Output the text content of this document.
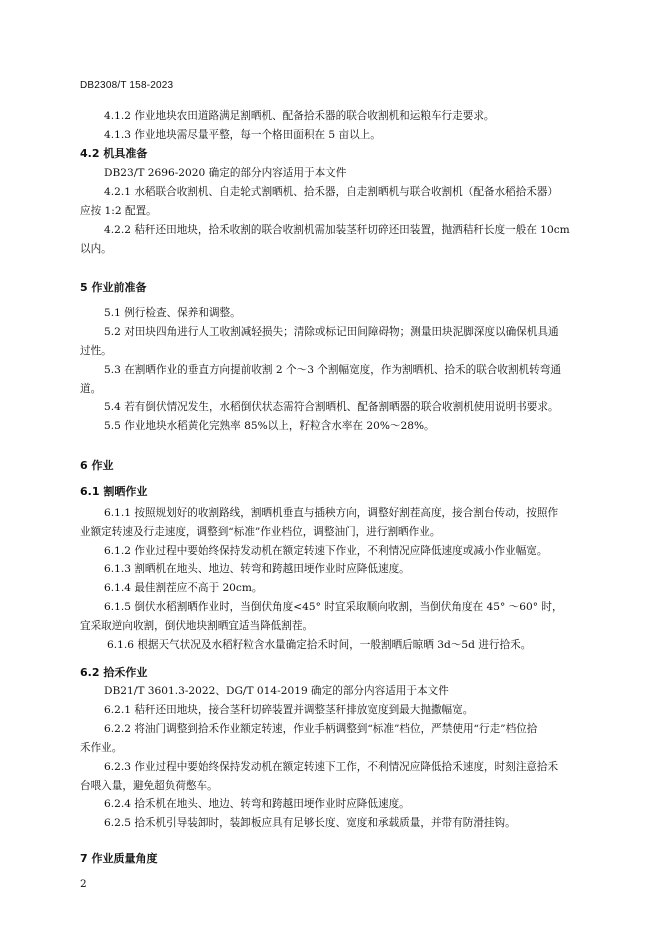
DB2308/T 158-2023
4.1.2 作业地块农田道路满足割晒机、配备拾禾器的联合收割机和运粮车行走要求。
4.1.3 作业地块需尽量平整，每一个格田面积在 5 亩以上。
4.2 机具准备
DB23/T 2696-2020 确定的部分内容适用于本文件
4.2.1 水稻联合收割机、自走轮式割晒机、拾禾器，自走割晒机与联合收割机（配备水稻拾禾器）
应按 1:2 配置。
4.2.2 秸秆还田地块，拾禾收割的联合收割机需加装茎秆切碎还田装置，抛洒秸秆长度一般在 10cm
以内。
5 作业前准备
5.1 例行检查、保养和调整。
5.2 对田块四角进行人工收割减轻损失；清除或标记田间障碍物；测量田块泥脚深度以确保机具通
过性。
5.3 在割晒作业的垂直方向提前收割 2 个～3 个割幅宽度，作为割晒机、拾禾的联合收割机转弯通
道。
5.4 若有倒伏情况发生，水稻倒伏状态需符合割晒机、配备割晒器的联合收割机使用说明书要求。
5.5 作业地块水稻黄化完熟率 85%以上，籽粒含水率在 20%～28%。
6 作业
6.1 割晒作业
6.1.1 按照规划好的收割路线，割晒机垂直与插秧方向，调整好割茬高度，接合割台传动，按照作
业额定转速及行走速度，调整到“标准”作业档位，调整油门，进行割晒作业。
6.1.2 作业过程中要始终保持发动机在额定转速下作业，不利情况应降低速度或减小作业幅宽。
6.1.3 割晒机在地头、地边、转弯和跨越田埂作业时应降低速度。
6.1.4 最佳割茬应不高于 20cm。
6.1.5 倒伏水稻割晒作业时，当倒伏角度<45° 时宜采取顺向收割，当倒伏角度在 45° ～60° 时，
宜采取逆向收割，倒伏地块割晒宜适当降低割茬。
6.1.6 根据天气状况及水稻籽粒含水量确定拾禾时间，一般割晒后晾晒 3d～5d 进行拾禾。
6.2 拾禾作业
DB21/T 3601.3-2022、DG/T 014-2019 确定的部分内容适用于本文件
6.2.1 秸秆还田地块，接合茎秆切碎装置并调整茎秆排放宽度到最大抛撒幅宽。
6.2.2 将油门调整到拾禾作业额定转速，作业手柄调整到“标准”档位，严禁使用“行走”档位拾
禾作业。
6.2.3 作业过程中要始终保持发动机在额定转速下工作，不利情况应降低拾禾速度，时刻注意拾禾
台喂入量，避免超负荷憋车。
6.2.4 拾禾机在地头、地边、转弯和跨越田埂作业时应降低速度。
6.2.5 拾禾机引导装卸时，装卸板应具有足够长度、宽度和承载质量，并带有防滑挂钩。
7 作业质量角度
2
